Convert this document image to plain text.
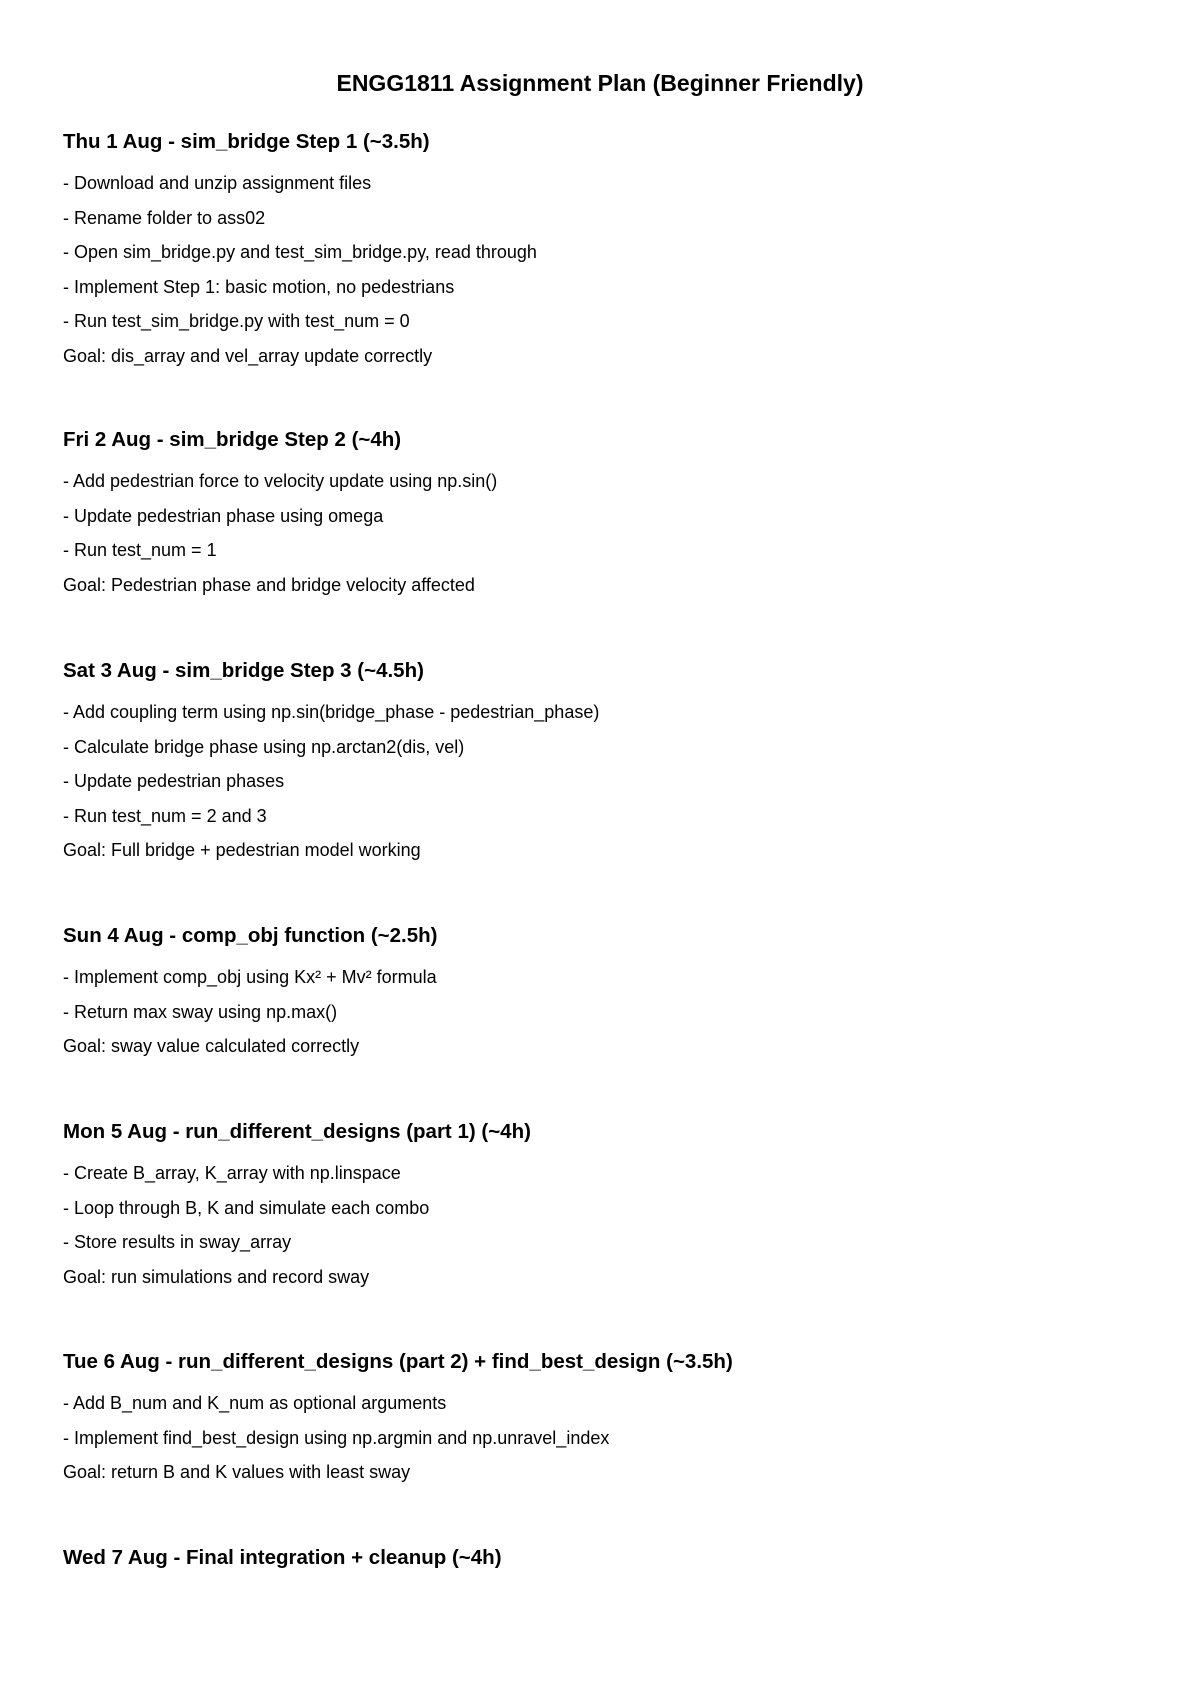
ENGG1811 Assignment Plan (Beginner Friendly)
Thu 1 Aug - sim_bridge Step 1 (~3.5h)
- Download and unzip assignment files
- Rename folder to ass02
- Open sim_bridge.py and test_sim_bridge.py, read through
- Implement Step 1: basic motion, no pedestrians
- Run test_sim_bridge.py with test_num = 0
Goal: dis_array and vel_array update correctly
Fri 2 Aug - sim_bridge Step 2 (~4h)
- Add pedestrian force to velocity update using np.sin()
- Update pedestrian phase using omega
- Run test_num = 1
Goal: Pedestrian phase and bridge velocity affected
Sat 3 Aug - sim_bridge Step 3 (~4.5h)
- Add coupling term using np.sin(bridge_phase - pedestrian_phase)
- Calculate bridge phase using np.arctan2(dis, vel)
- Update pedestrian phases
- Run test_num = 2 and 3
Goal: Full bridge + pedestrian model working
Sun 4 Aug - comp_obj function (~2.5h)
- Implement comp_obj using Kx² + Mv² formula
- Return max sway using np.max()
Goal: sway value calculated correctly
Mon 5 Aug - run_different_designs (part 1) (~4h)
- Create B_array, K_array with np.linspace
- Loop through B, K and simulate each combo
- Store results in sway_array
Goal: run simulations and record sway
Tue 6 Aug - run_different_designs (part 2) + find_best_design (~3.5h)
- Add B_num and K_num as optional arguments
- Implement find_best_design using np.argmin and np.unravel_index
Goal: return B and K values with least sway
Wed 7 Aug - Final integration + cleanup (~4h)
